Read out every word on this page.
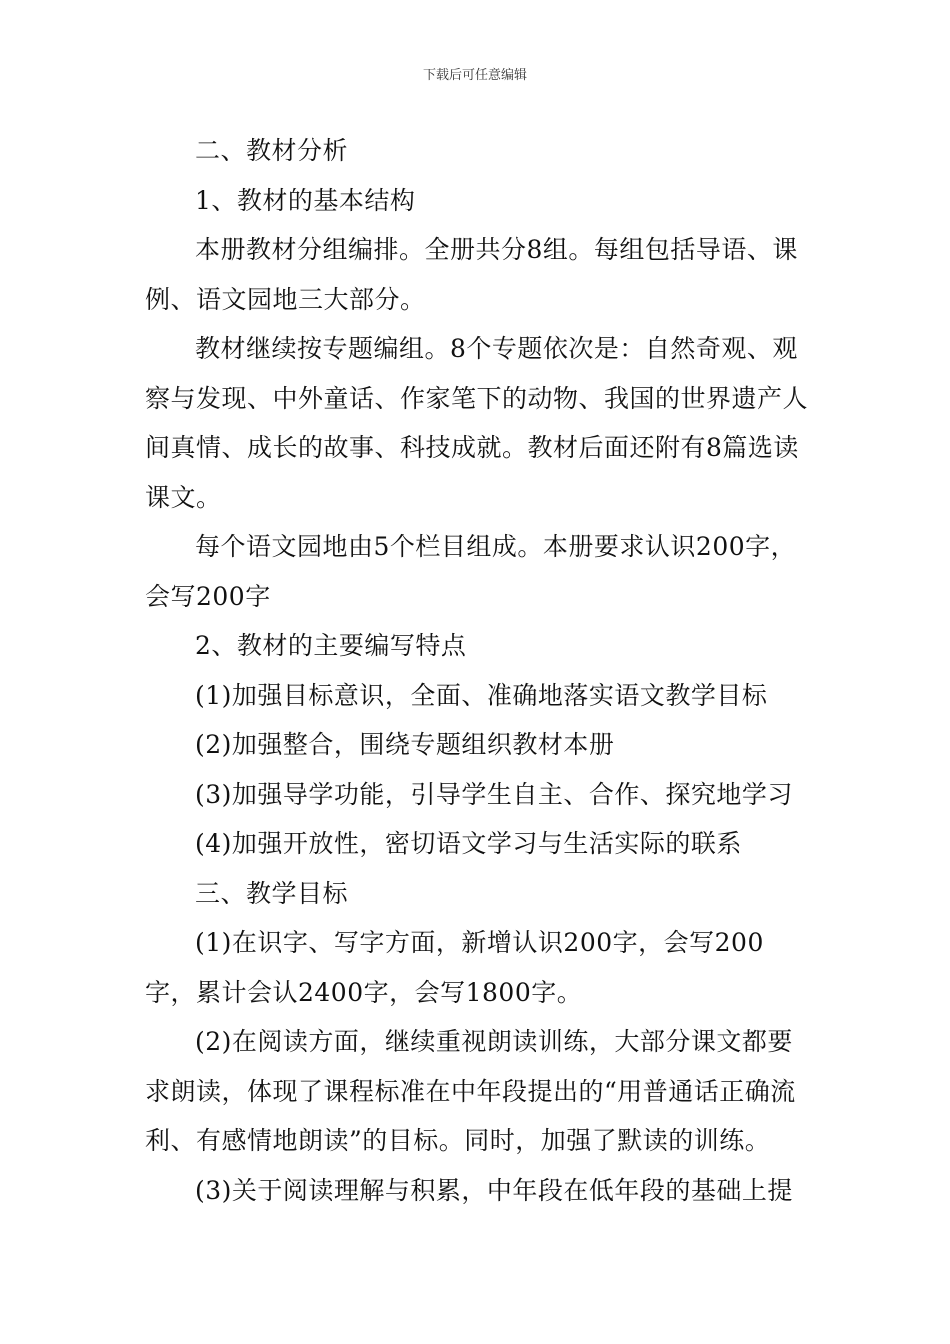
下载后可任意编辑

二、教材分析

1、教材的基本结构

本册教材分组编排。全册共分8组。每组包括导语、课例、语文园地三大部分。

教材继续按专题编组。8个专题依次是：自然奇观、观察与发现、中外童话、作家笔下的动物、我国的世界遗产人间真情、成长的故事、科技成就。教材后面还附有8篇选读课文。

每个语文园地由5个栏目组成。本册要求认识200字，会写200字

2、教材的主要编写特点

(1)加强目标意识，全面、准确地落实语文教学目标

(2)加强整合，围绕专题组织教材本册

(3)加强导学功能，引导学生自主、合作、探究地学习

(4)加强开放性，密切语文学习与生活实际的联系

三、教学目标

(1)在识字、写字方面，新增认识200字，会写200字，累计会认2400字，会写1800字。

(2)在阅读方面，继续重视朗读训练，大部分课文都要求朗读，体现了课程标准在中年段提出的“用普通话正确流利、有感情地朗读”的目标。同时，加强了默读的训练。

(3)关于阅读理解与积累，中年段在低年段的基础上提
